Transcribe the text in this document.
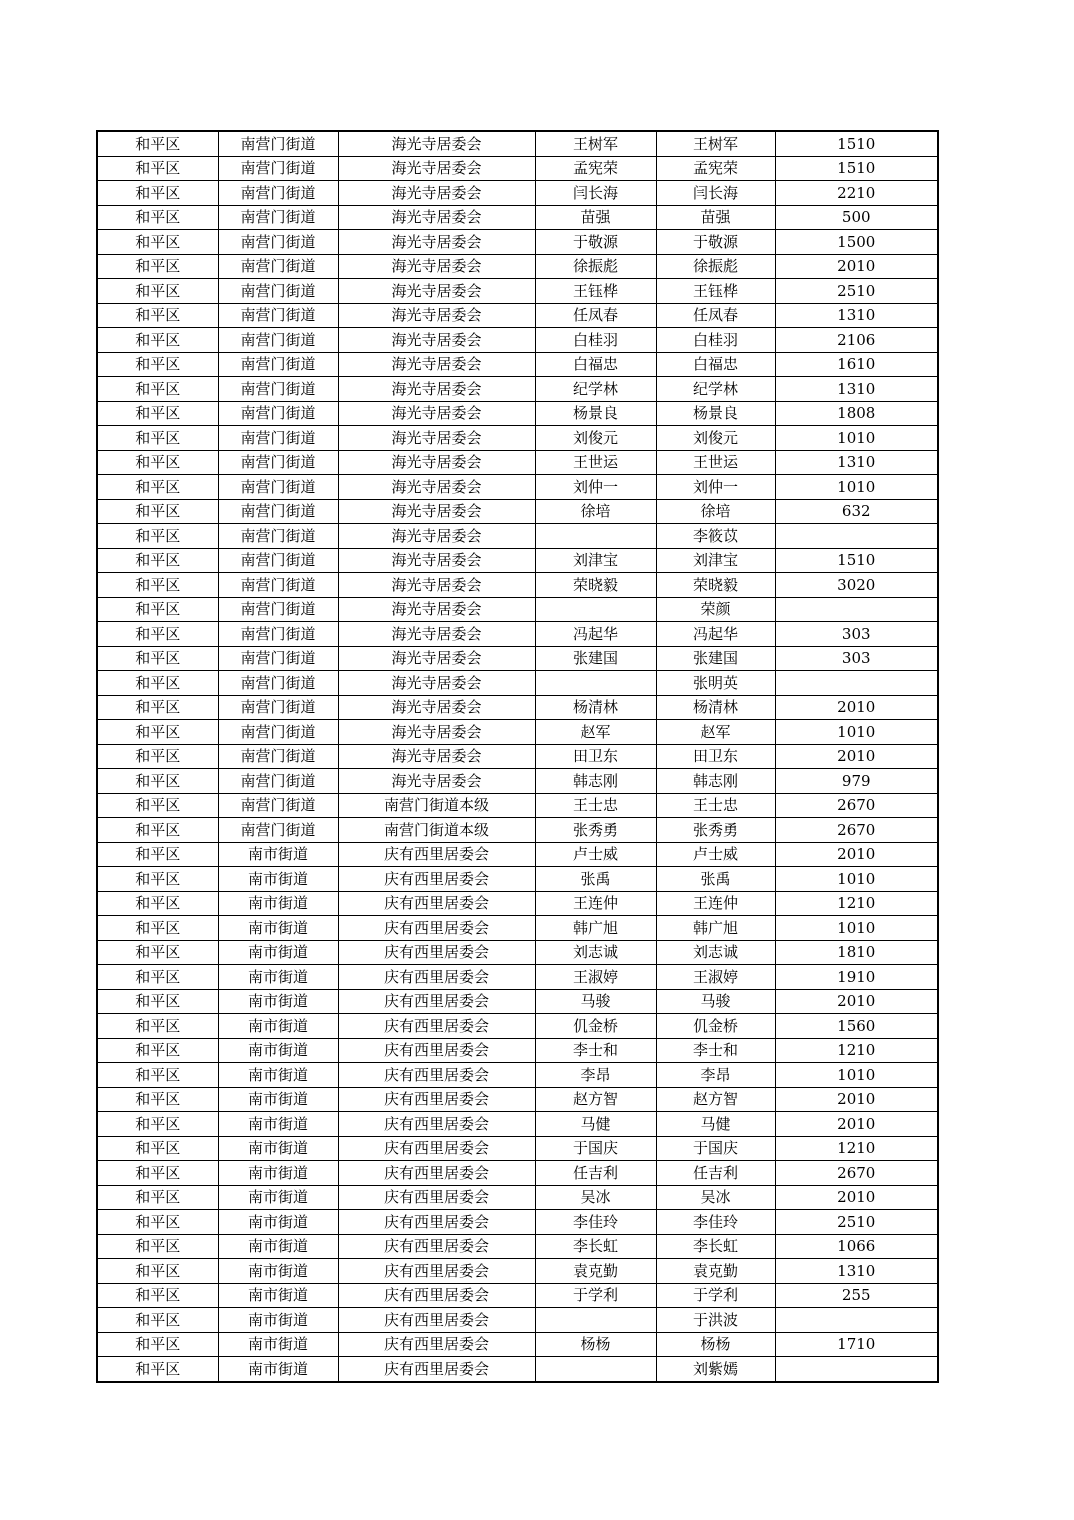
和平区	南营门街道	海光寺居委会	王树军	王树军	1510
和平区	南营门街道	海光寺居委会	孟宪荣	孟宪荣	1510
和平区	南营门街道	海光寺居委会	闫长海	闫长海	2210
和平区	南营门街道	海光寺居委会	苗强	苗强	500
和平区	南营门街道	海光寺居委会	于敬源	于敬源	1500
和平区	南营门街道	海光寺居委会	徐振彪	徐振彪	2010
和平区	南营门街道	海光寺居委会	王钰桦	王钰桦	2510
和平区	南营门街道	海光寺居委会	任凤春	任凤春	1310
和平区	南营门街道	海光寺居委会	白桂羽	白桂羽	2106
和平区	南营门街道	海光寺居委会	白福忠	白福忠	1610
和平区	南营门街道	海光寺居委会	纪学林	纪学林	1310
和平区	南营门街道	海光寺居委会	杨景良	杨景良	1808
和平区	南营门街道	海光寺居委会	刘俊元	刘俊元	1010
和平区	南营门街道	海光寺居委会	王世运	王世运	1310
和平区	南营门街道	海光寺居委会	刘仲一	刘仲一	1010
和平区	南营门街道	海光寺居委会	徐培	徐培	632
和平区	南营门街道	海光寺居委会		李筱苡	
和平区	南营门街道	海光寺居委会	刘津宝	刘津宝	1510
和平区	南营门街道	海光寺居委会	荣晓毅	荣晓毅	3020
和平区	南营门街道	海光寺居委会		荣颜	
和平区	南营门街道	海光寺居委会	冯起华	冯起华	303
和平区	南营门街道	海光寺居委会	张建国	张建国	303
和平区	南营门街道	海光寺居委会		张明英	
和平区	南营门街道	海光寺居委会	杨清林	杨清林	2010
和平区	南营门街道	海光寺居委会	赵军	赵军	1010
和平区	南营门街道	海光寺居委会	田卫东	田卫东	2010
和平区	南营门街道	海光寺居委会	韩志刚	韩志刚	979
和平区	南营门街道	南营门街道本级	王士忠	王士忠	2670
和平区	南营门街道	南营门街道本级	张秀勇	张秀勇	2670
和平区	南市街道	庆有西里居委会	卢士威	卢士威	2010
和平区	南市街道	庆有西里居委会	张禹	张禹	1010
和平区	南市街道	庆有西里居委会	王连仲	王连仲	1210
和平区	南市街道	庆有西里居委会	韩广旭	韩广旭	1010
和平区	南市街道	庆有西里居委会	刘志诚	刘志诚	1810
和平区	南市街道	庆有西里居委会	王淑婷	王淑婷	1910
和平区	南市街道	庆有西里居委会	马骏	马骏	2010
和平区	南市街道	庆有西里居委会	仉金桥	仉金桥	1560
和平区	南市街道	庆有西里居委会	李士和	李士和	1210
和平区	南市街道	庆有西里居委会	李昂	李昂	1010
和平区	南市街道	庆有西里居委会	赵方智	赵方智	2010
和平区	南市街道	庆有西里居委会	马健	马健	2010
和平区	南市街道	庆有西里居委会	于国庆	于国庆	1210
和平区	南市街道	庆有西里居委会	任吉利	任吉利	2670
和平区	南市街道	庆有西里居委会	吴冰	吴冰	2010
和平区	南市街道	庆有西里居委会	李佳玲	李佳玲	2510
和平区	南市街道	庆有西里居委会	李长虹	李长虹	1066
和平区	南市街道	庆有西里居委会	袁克勤	袁克勤	1310
和平区	南市街道	庆有西里居委会	于学利	于学利	255
和平区	南市街道	庆有西里居委会		于洪波	
和平区	南市街道	庆有西里居委会	杨杨	杨杨	1710
和平区	南市街道	庆有西里居委会		刘紫嫣	
